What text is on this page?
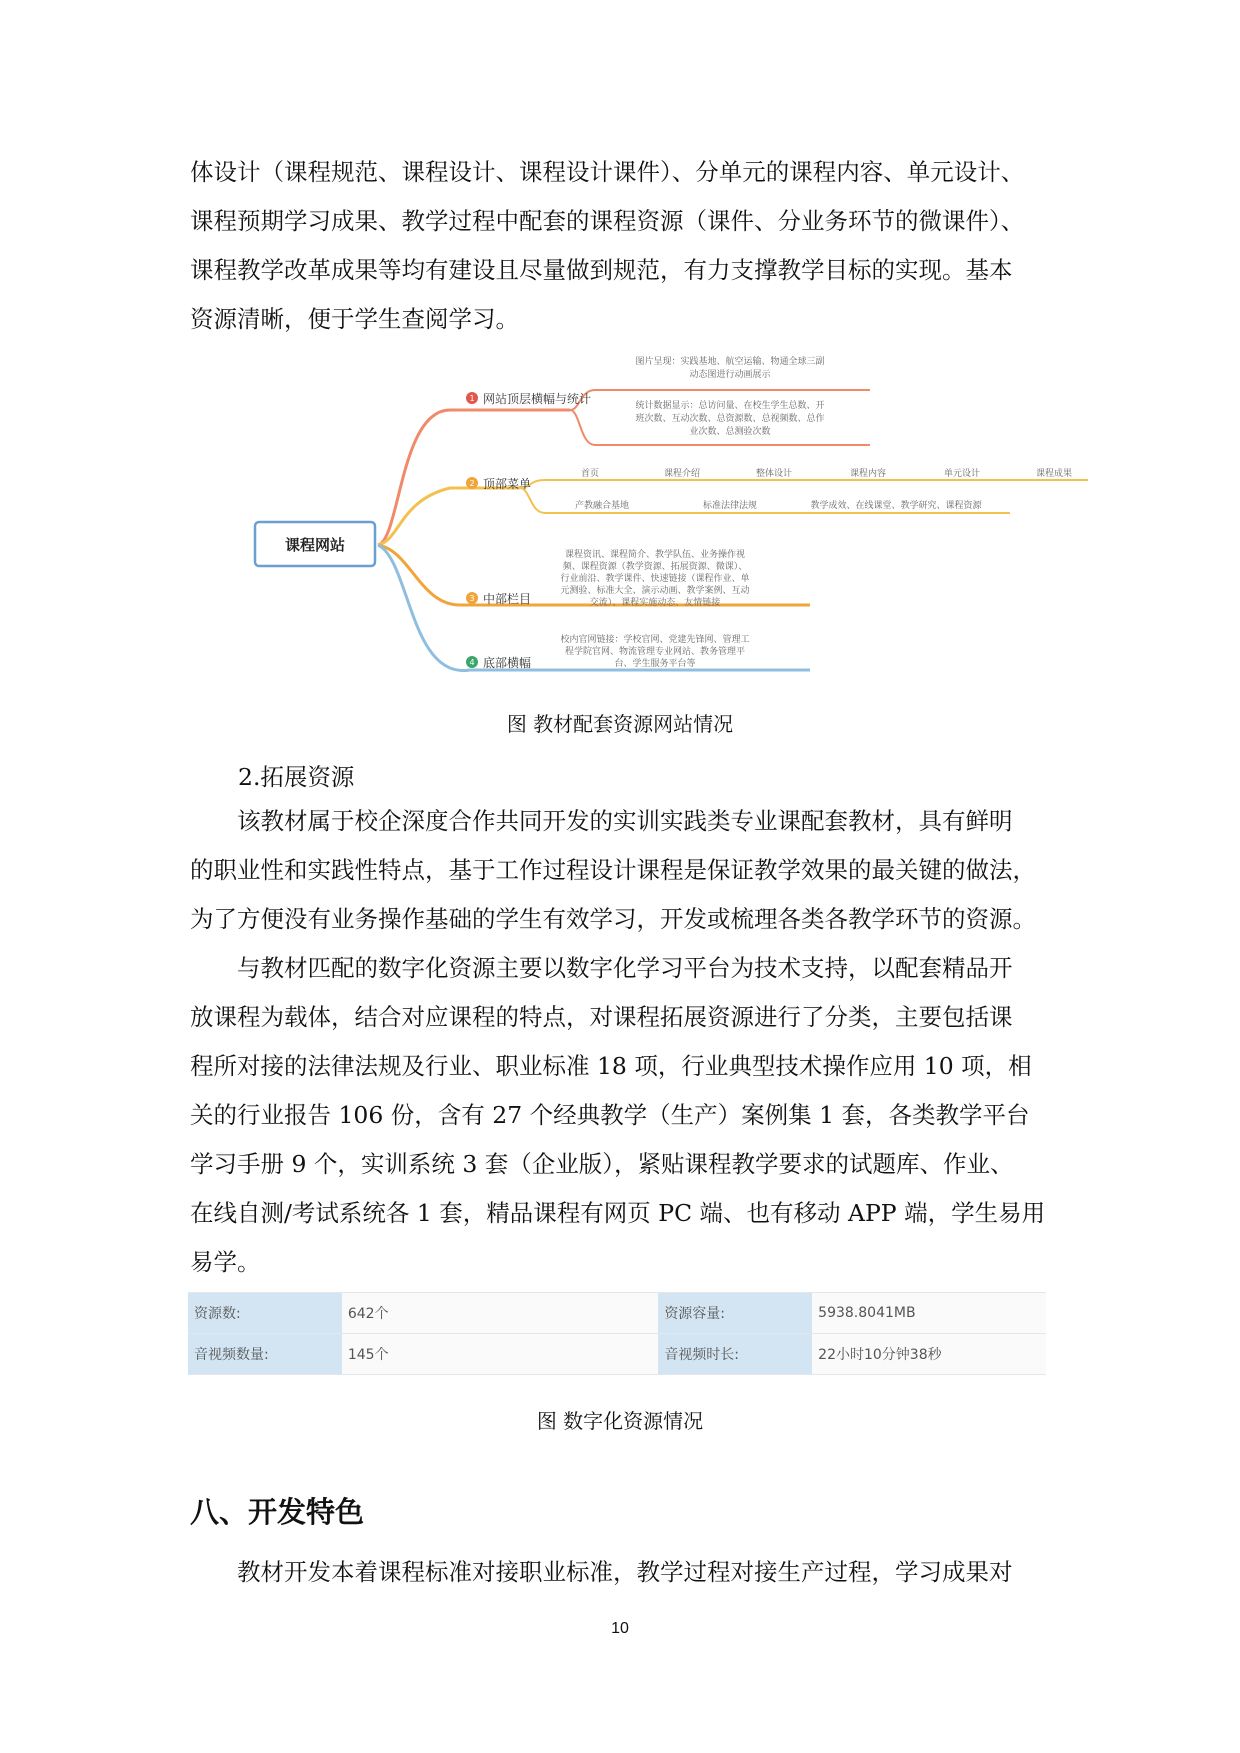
体设计（课程规范、课程设计、课程设计课件）、分单元的课程内容、单元设计、
课程预期学习成果、教学过程中配套的课程资源（课件、分业务环节的微课件）、
课程教学改革成果等均有建设且尽量做到规范，有力支撑教学目标的实现。基本
资源清晰，便于学生查阅学习。
课程网站
1 网站顶层横幅与统计
图片呈现：实践基地、航空运输、物通全球三副
动态图进行动画展示
统计数据显示：总访问量、在校生学生总数、开
班次数、互动次数、总资源数、总视频数、总作
业次数、总测验次数
2 顶部菜单
首页	课程介绍	整体设计	课程内容	单元设计	课程成果
产教融合基地	标准法律法规	教学成效、在线课堂、教学研究、课程资源
3 中部栏目
课程资讯、课程简介、教学队伍、业务操作视
频、课程资源（教学资源、拓展资源、微课）、
行业前沿、教学课件、快速链接（课程作业、单
元测验、标准大全、演示动画、教学案例、互动
交流）、课程实施动态、友情链接
4 底部横幅
校内官网链接：学校官网、党建先锋网、管理工
程学院官网、物流管理专业网站、教务管理平
台、学生服务平台等
图 教材配套资源网站情况
2.拓展资源
该教材属于校企深度合作共同开发的实训实践类专业课配套教材，具有鲜明
的职业性和实践性特点，基于工作过程设计课程是保证教学效果的最关键的做法，
为了方便没有业务操作基础的学生有效学习，开发或梳理各类各教学环节的资源。
与教材匹配的数字化资源主要以数字化学习平台为技术支持，以配套精品开
放课程为载体，结合对应课程的特点，对课程拓展资源进行了分类，主要包括课
程所对接的法律法规及行业、职业标准 18 项，行业典型技术操作应用 10 项，相
关的行业报告 106 份，含有 27 个经典教学（生产）案例集 1 套，各类教学平台
学习手册 9 个，实训系统 3 套（企业版），紧贴课程教学要求的试题库、作业、
在线自测/考试系统各 1 套，精品课程有网页 PC 端、也有移动 APP 端，学生易用
易学。
资源数:	642个		资源容量:	5938.8041MB
音视频数量:	145个		音视频时长:	22小时10分钟38秒
图 数字化资源情况
八、开发特色
教材开发本着课程标准对接职业标准，教学过程对接生产过程，学习成果对
10
